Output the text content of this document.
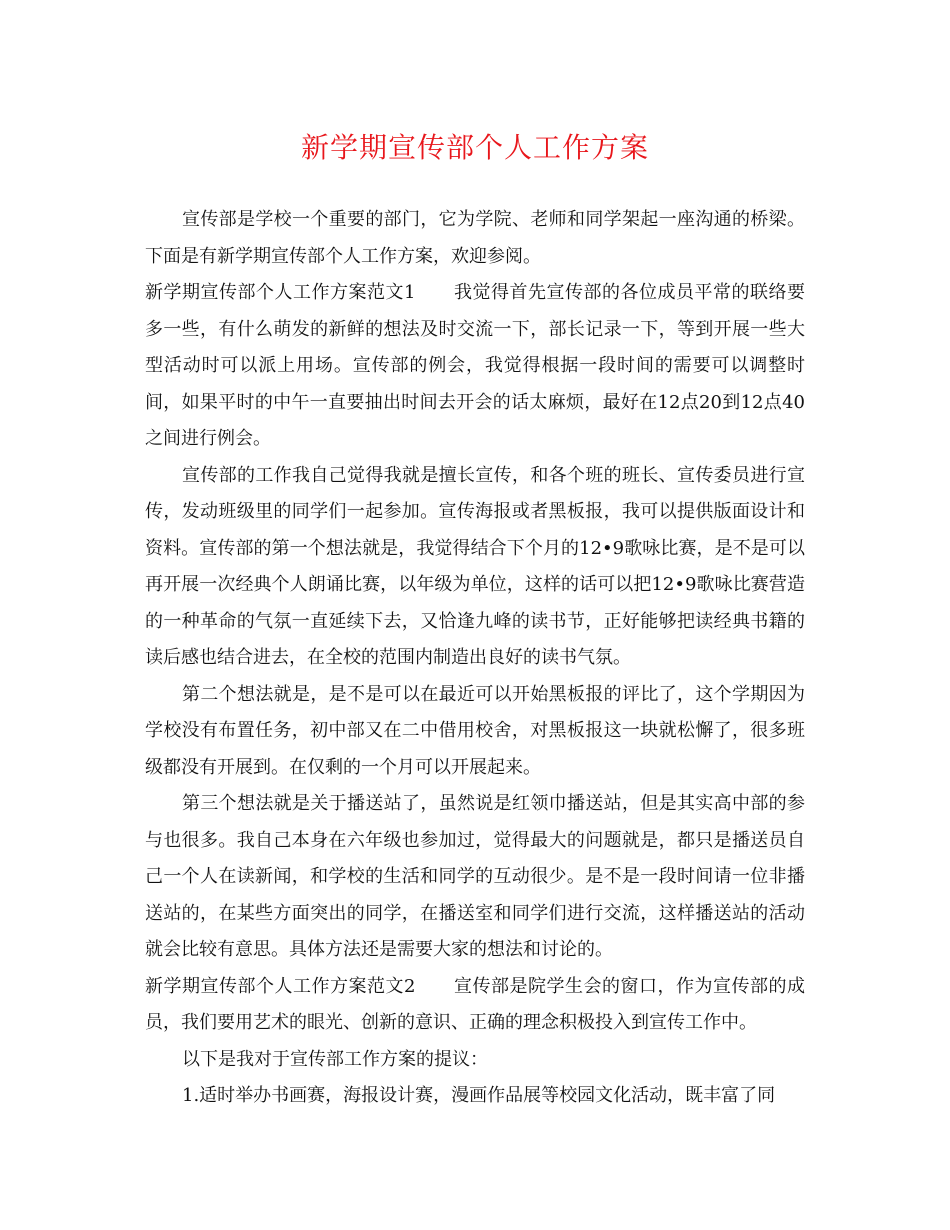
新学期宣传部个人工作方案

宣传部是学校一个重要的部门，它为学院、老师和同学架起一座沟通的桥梁。下面是有新学期宣传部个人工作方案，欢迎参阅。

新学期宣传部个人工作方案范文1 我觉得首先宣传部的各位成员平常的联络要多一些，有什么萌发的新鲜的想法及时交流一下，部长记录一下，等到开展一些大型活动时可以派上用场。宣传部的例会，我觉得根据一段时间的需要可以调整时间，如果平时的中午一直要抽出时间去开会的话太麻烦，最好在12点20到12点40之间进行例会。

宣传部的工作我自己觉得我就是擅长宣传，和各个班的班长、宣传委员进行宣传，发动班级里的同学们一起参加。宣传海报或者黑板报，我可以提供版面设计和资料。宣传部的第一个想法就是，我觉得结合下个月的12•9歌咏比赛，是不是可以再开展一次经典个人朗诵比赛，以年级为单位，这样的话可以把12•9歌咏比赛营造的一种革命的气氛一直延续下去，又恰逢九峰的读书节，正好能够把读经典书籍的读后感也结合进去，在全校的范围内制造出良好的读书气氛。

第二个想法就是，是不是可以在最近可以开始黑板报的评比了，这个学期因为学校没有布置任务，初中部又在二中借用校舍，对黑板报这一块就松懈了，很多班级都没有开展到。在仅剩的一个月可以开展起来。

第三个想法就是关于播送站了，虽然说是红领巾播送站，但是其实高中部的参与也很多。我自己本身在六年级也参加过，觉得最大的问题就是，都只是播送员自己一个人在读新闻，和学校的生活和同学的互动很少。是不是一段时间请一位非播送站的，在某些方面突出的同学，在播送室和同学们进行交流，这样播送站的活动就会比较有意思。具体方法还是需要大家的想法和讨论的。

新学期宣传部个人工作方案范文2 宣传部是院学生会的窗口，作为宣传部的成员，我们要用艺术的眼光、创新的意识、正确的理念积极投入到宣传工作中。

以下是我对于宣传部工作方案的提议：

1.适时举办书画赛，海报设计赛，漫画作品展等校园文化活动，既丰富了同
